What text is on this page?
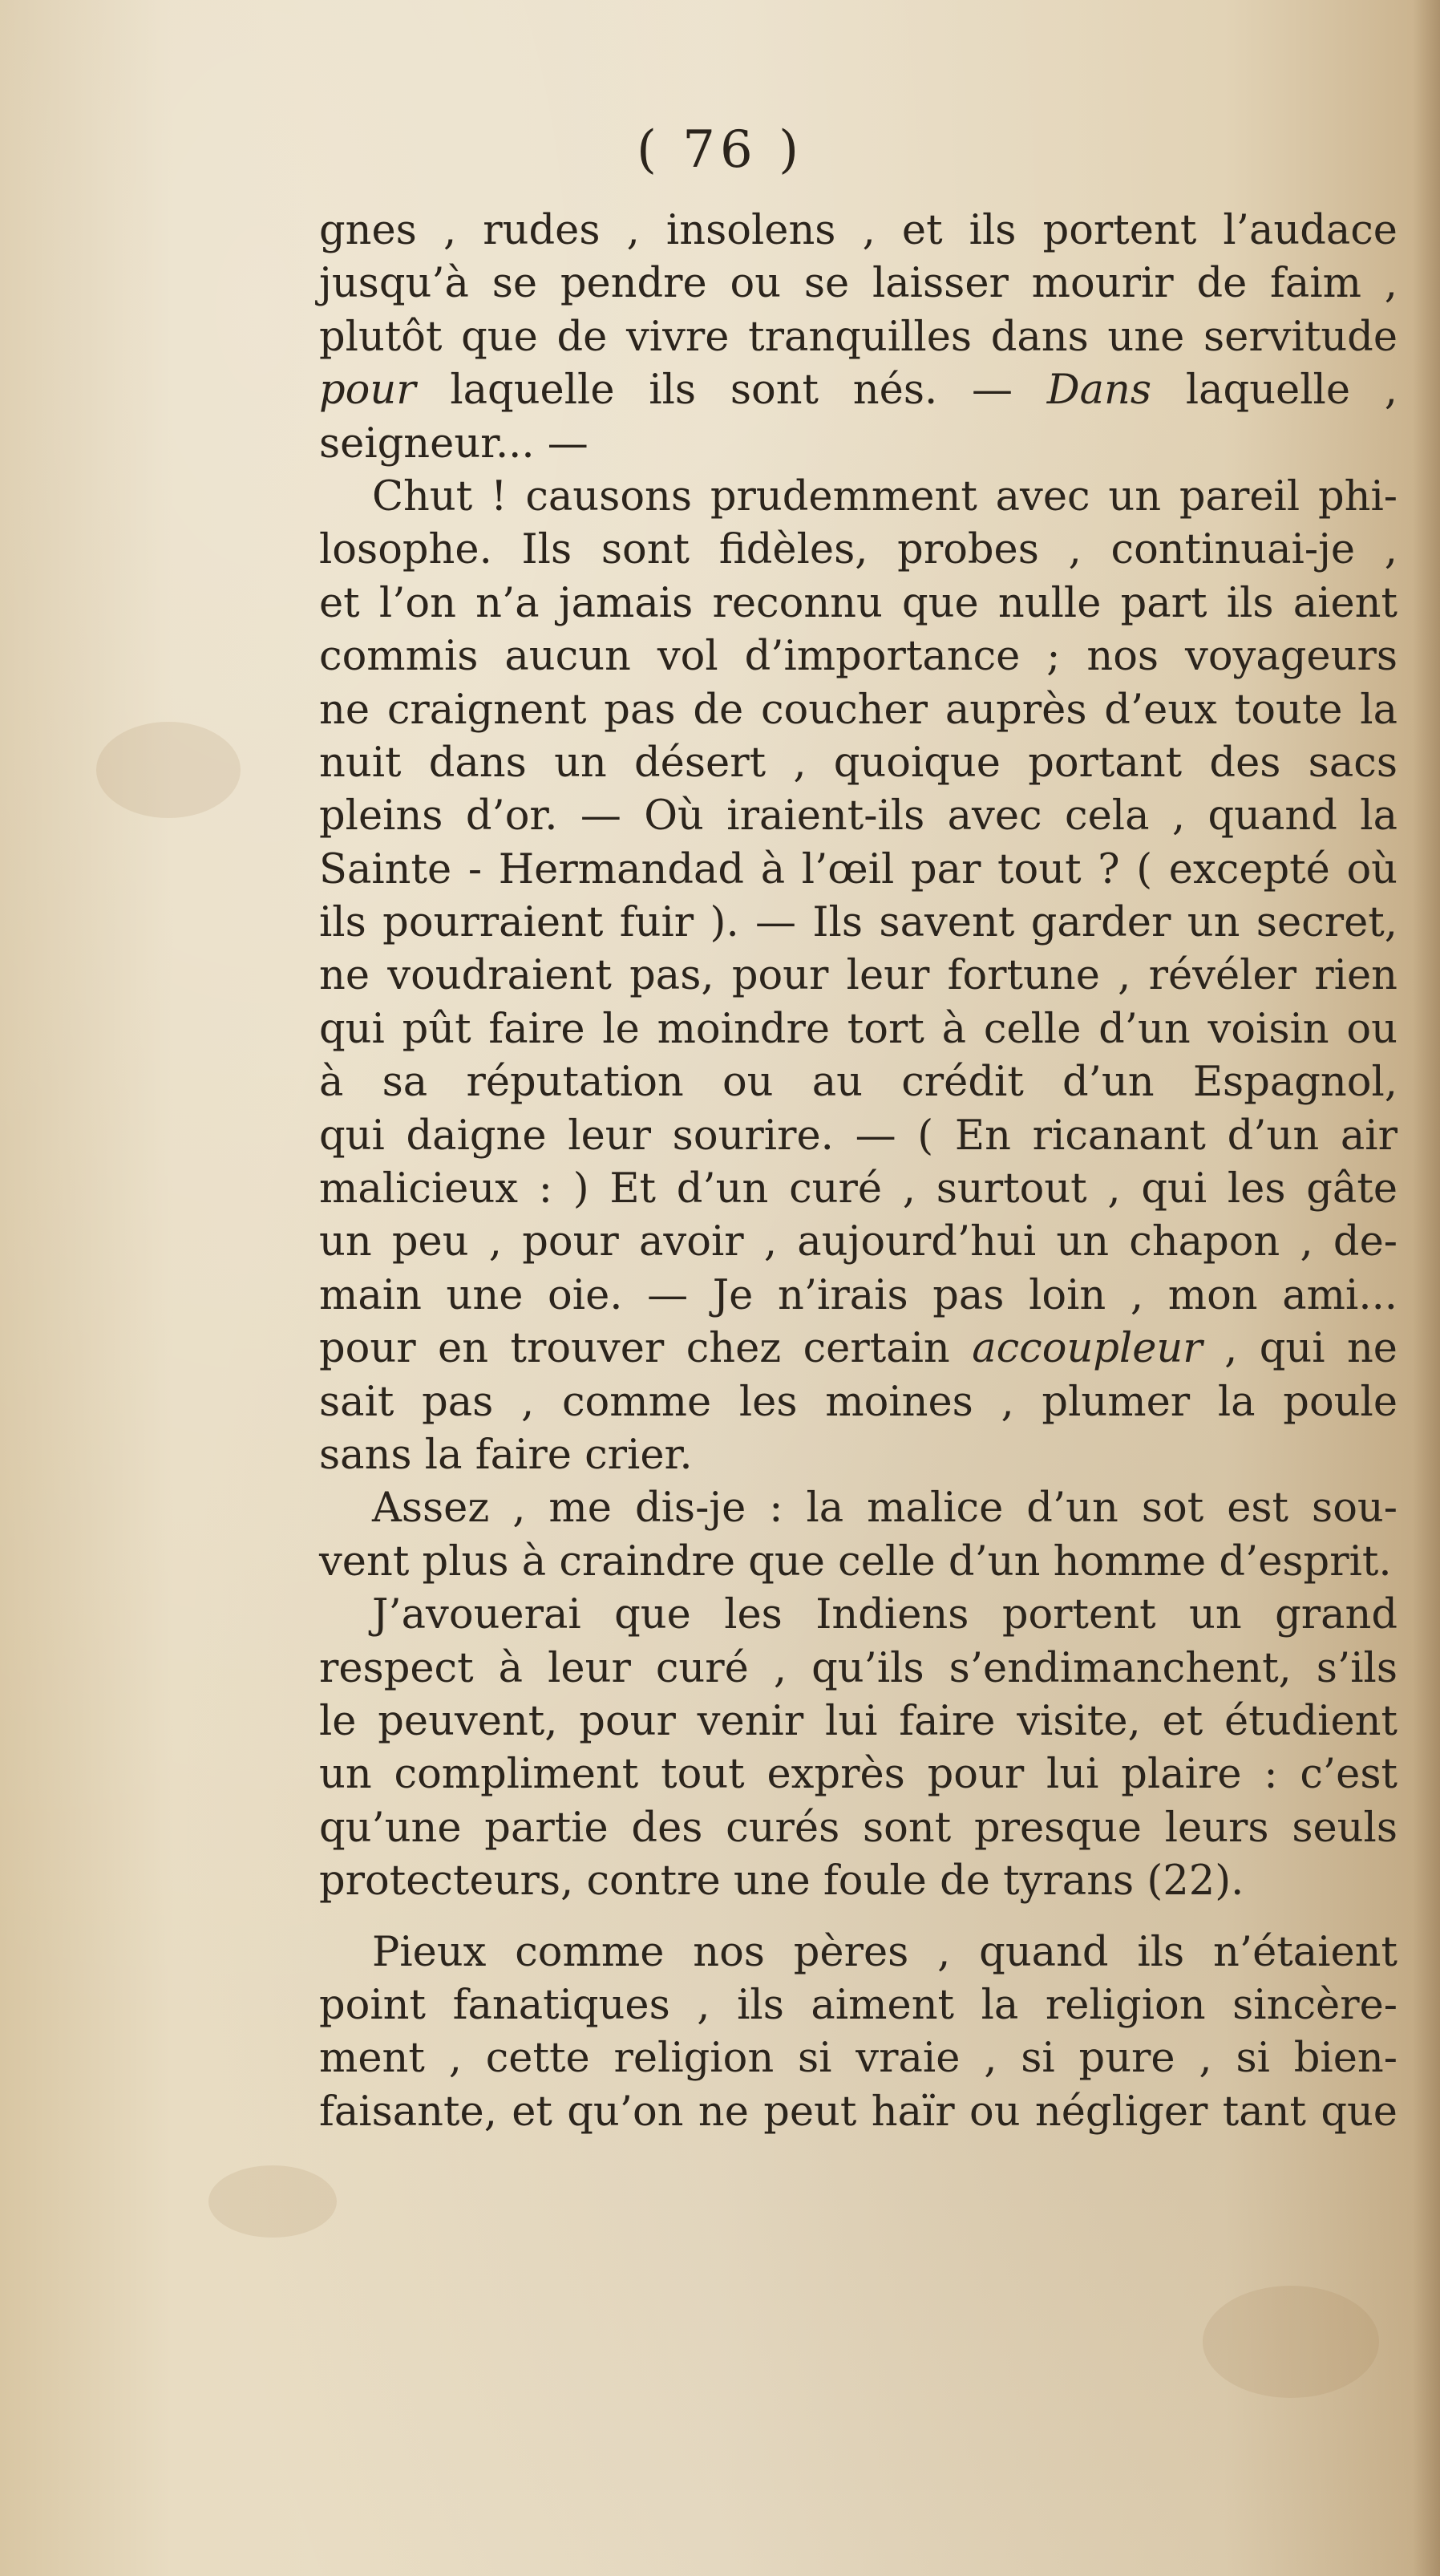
( 76 )
gnes , rudes , insolens , et ils portent l’audace
jusqu’à se pendre ou se laisser mourir de faim ,
plutôt que de vivre tranquilles dans une servitude
pour laquelle ils sont nés. — Dans laquelle ,
seigneur... —
Chut ! causons prudemment avec un pareil phi-
losophe. Ils sont fidèles, probes , continuai-je ,
et l’on n’a jamais reconnu que nulle part ils aient
commis aucun vol d’importance ; nos voyageurs
ne craignent pas de coucher auprès d’eux toute la
nuit dans un désert , quoique portant des sacs
pleins d’or. — Où iraient-ils avec cela , quand la
Sainte - Hermandad à l’œil par tout ? ( excepté où
ils pourraient fuir ). — Ils savent garder un secret,
ne voudraient pas, pour leur fortune , révéler rien
qui pût faire le moindre tort à celle d’un voisin ou
à sa réputation ou au crédit d’un Espagnol,
qui daigne leur sourire. — ( En ricanant d’un air
malicieux : ) Et d’un curé , surtout , qui les gâte
un peu , pour avoir , aujourd’hui un chapon , de-
main une oie. — Je n’irais pas loin , mon ami...
pour en trouver chez certain accoupleur , qui ne
sait pas , comme les moines , plumer la poule
sans la faire crier.
Assez , me dis-je : la malice d’un sot est sou-
vent plus à craindre que celle d’un homme d’esprit.
J’avouerai que les Indiens portent un grand
respect à leur curé , qu’ils s’endimanchent, s’ils
le peuvent, pour venir lui faire visite, et étudient
un compliment tout exprès pour lui plaire : c’est
qu’une partie des curés sont presque leurs seuls
protecteurs, contre une foule de tyrans (22).
Pieux comme nos pères , quand ils n’étaient
point fanatiques , ils aiment la religion sincère-
ment , cette religion si vraie , si pure , si bien-
faisante, et qu’on ne peut haïr ou négliger tant que
